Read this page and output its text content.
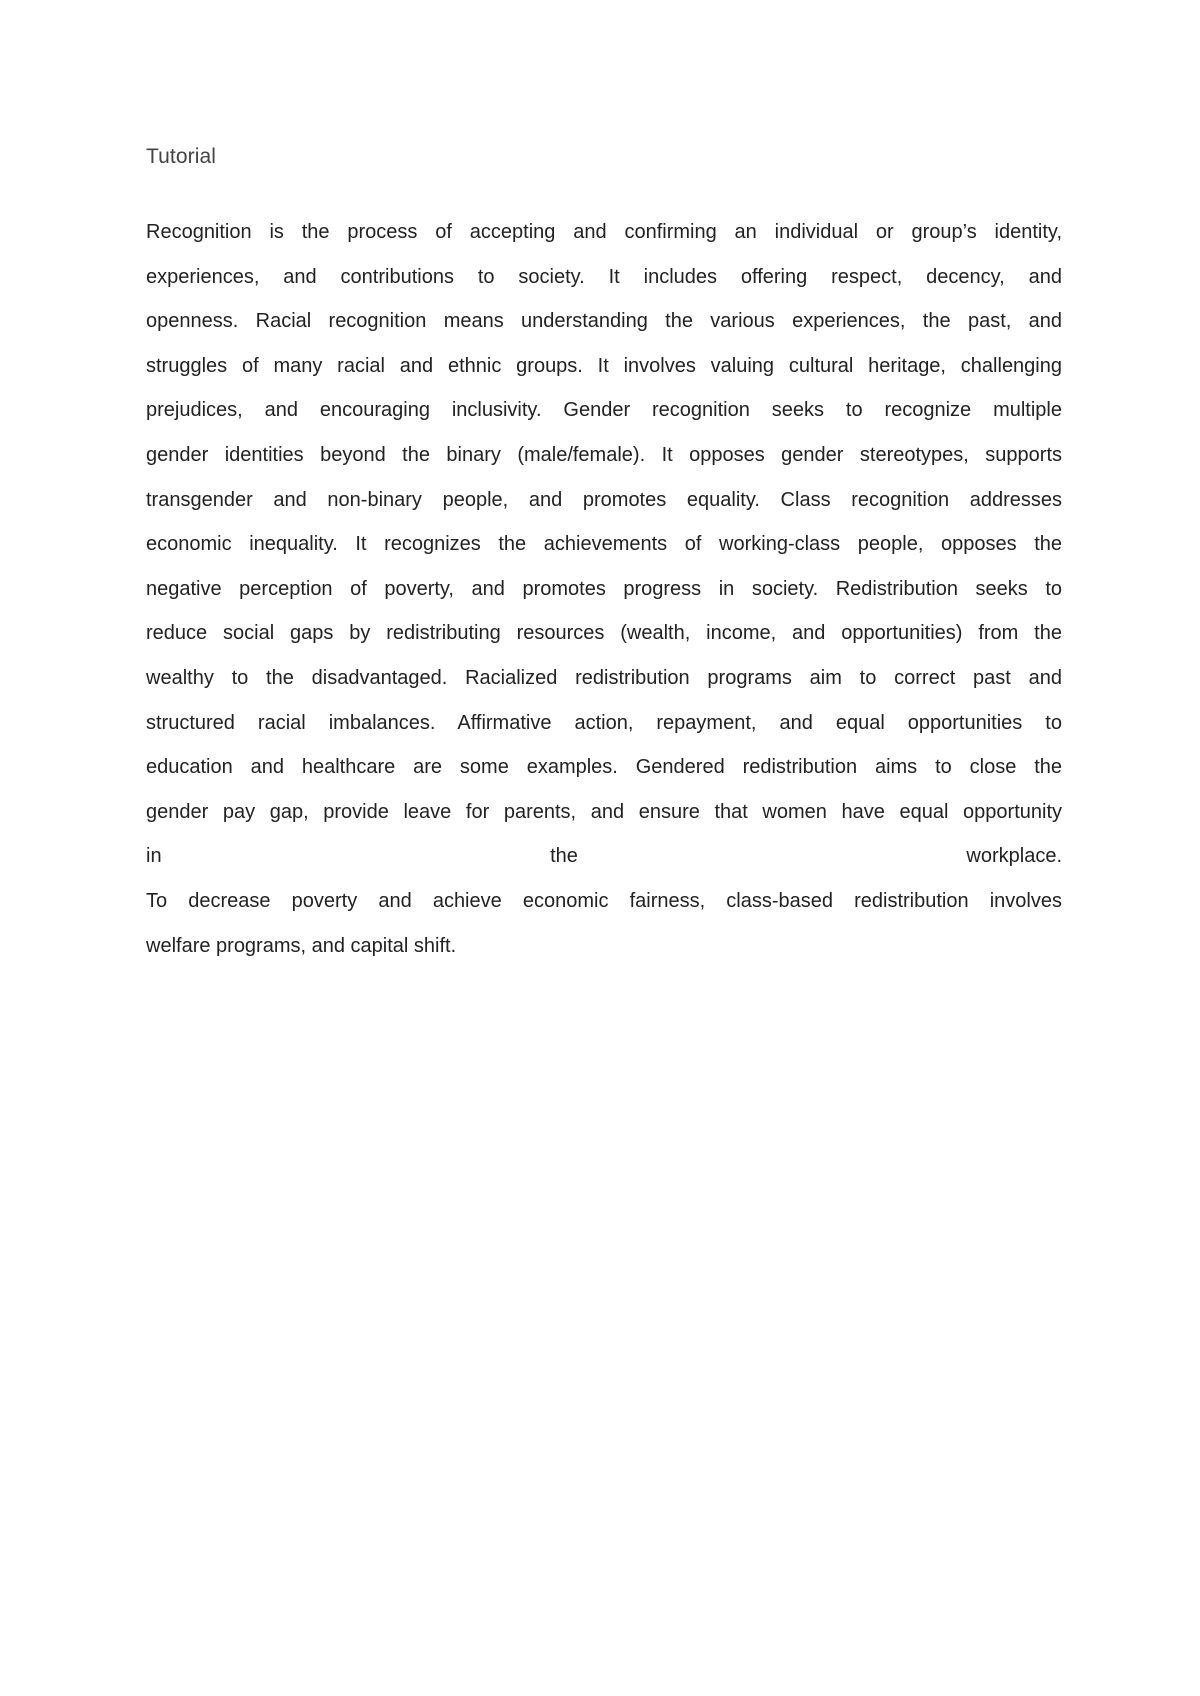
Tutorial
Recognition is the process of accepting and confirming an individual or group’s identity,
experiences, and contributions to society. It includes offering respect, decency, and
openness. Racial recognition means understanding the various experiences, the past, and
struggles of many racial and ethnic groups. It involves valuing cultural heritage, challenging
prejudices, and encouraging inclusivity. Gender recognition seeks to recognize multiple
gender identities beyond the binary (male/female). It opposes gender stereotypes, supports
transgender and non-binary people, and promotes equality. Class recognition addresses
economic inequality. It recognizes the achievements of working-class people, opposes the
negative perception of poverty, and promotes progress in society. Redistribution seeks to
reduce social gaps by redistributing resources (wealth, income, and opportunities) from the
wealthy to the disadvantaged. Racialized redistribution programs aim to correct past and
structured racial imbalances. Affirmative action, repayment, and equal opportunities to
education and healthcare are some examples. Gendered redistribution aims to close the
gender pay gap, provide leave for parents, and ensure that women have equal opportunity
in the workplace.
To decrease poverty and achieve economic fairness, class-based redistribution involves
welfare programs, and capital shift.
